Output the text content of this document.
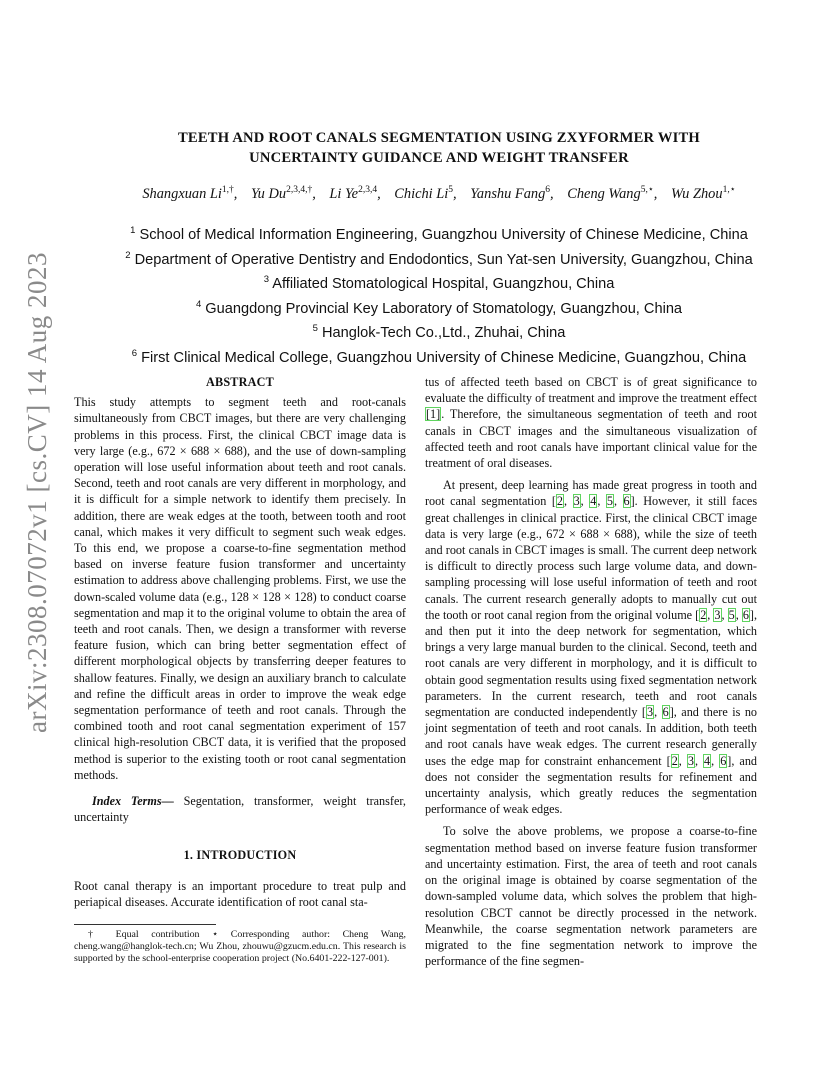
arXiv:2308.07072v1 [cs.CV] 14 Aug 2023
TEETH AND ROOT CANALS SEGMENTATION USING ZXYFORMER WITH
UNCERTAINTY GUIDANCE AND WEIGHT TRANSFER
Shangxuan $Li^{1,\dagger}$, Yu $Du^{2,3,4,\dagger}$, Li Ye$^{2,3,4}$, Chichi Li$^5$, Yanshu Fang$^6$, Cheng Wang$^{5,⋆}$, Wu Zhou$^{1,⋆}$
$^1$ School of Medical Information Engineering, Guangzhou University of Chinese Medicine, China
$^2$ Department of Operative Dentistry and Endodontics, Sun Yat-sen University, Guangzhou, China
$^3$ Affiliated Stomatological Hospital, Guangzhou, China
$^4$ Guangdong Provincial Key Laboratory of Stomatology, Guangzhou, China
$^5$ Hanglok-Tech Co.,Ltd., Zhuhai, China
$^6$ First Clinical Medical College, Guangzhou University of Chinese Medicine, Guangzhou, China
ABSTRACT

This study attempts to segment teeth and root-canals simultaneously from CBCT images, but there are very challenging problems in this process. First, the clinical CBCT image data is very large (e.g., 672 × 688 × 688), and the use of down-sampling operation will lose useful information about teeth and root canals. Second, teeth and root canals are very different in morphology, and it is difficult for a simple network to identify them precisely. In addition, there are weak edges at the tooth, between tooth and root canal, which makes it very difficult to segment such weak edges. To this end, we propose a coarse-to-fine segmentation method based on inverse feature fusion transformer and uncertainty estimation to address above challenging problems. First, we use the down-scaled volume data (e.g., 128 × 128 × 128) to conduct coarse segmentation and map it to the original volume to obtain the area of teeth and root canals. Then, we design a transformer with reverse feature fusion, which can bring better segmentation effect of different morphological objects by transferring deeper features to shallow features. Finally, we design an auxiliary branch to calculate and refine the difficult areas in order to improve the weak edge segmentation performance of teeth and root canals. Through the combined tooth and root canal segmentation experiment of 157 clinical high-resolution CBCT data, it is verified that the proposed method is superior to the existing tooth or root canal segmentation methods.

Index Terms— Segentation, transformer, weight transfer, uncertainty

1. INTRODUCTION

Root canal therapy is an important procedure to treat pulp and periapical diseases. Accurate identification of root canal sta-

† Equal contribution ⋆ Corresponding author: Cheng Wang, cheng.wang@hanglok-tech.cn; Wu Zhou, zhouwu@gzucm.edu.cn. This research is supported by the school-enterprise cooperation project (No.6401-222-127-001).

tus of affected teeth based on CBCT is of great significance to evaluate the difficulty of treatment and improve the treatment effect [1]. Therefore, the simultaneous segmentation of teeth and root canals in CBCT images and the simultaneous visualization of affected teeth and root canals have important clinical value for the treatment of oral diseases.

At present, deep learning has made great progress in tooth and root canal segmentation [2, 3, 4, 5, 6]. However, it still faces great challenges in clinical practice. First, the clinical CBCT image data is very large (e.g., 672 × 688 × 688), while the size of teeth and root canals in CBCT images is small. The current deep network is difficult to directly process such large volume data, and down-sampling processing will lose useful information of teeth and root canals. The current research generally adopts to manually cut out the tooth or root canal region from the original volume [2, 3, 5, 6], and then put it into the deep network for segmentation, which brings a very large manual burden to the clinical. Second, teeth and root canals are very different in morphology, and it is difficult to obtain good segmentation results using fixed segmentation network parameters. In the current research, teeth and root canals segmentation are conducted independently [3, 6], and there is no joint segmentation of teeth and root canals. In addition, both teeth and root canals have weak edges. The current research generally uses the edge map for constraint enhancement [2, 3, 4, 6], and does not consider the segmentation results for refinement and uncertainty analysis, which greatly reduces the segmentation performance of weak edges.

To solve the above problems, we propose a coarse-to-fine segmentation method based on inverse feature fusion transformer and uncertainty estimation. First, the area of teeth and root canals on the original image is obtained by coarse segmentation of the down-sampled volume data, which solves the problem that high-resolution CBCT cannot be directly processed in the network. Meanwhile, the coarse segmentation network parameters are migrated to the fine segmentation network to improve the performance of the fine segmen-
